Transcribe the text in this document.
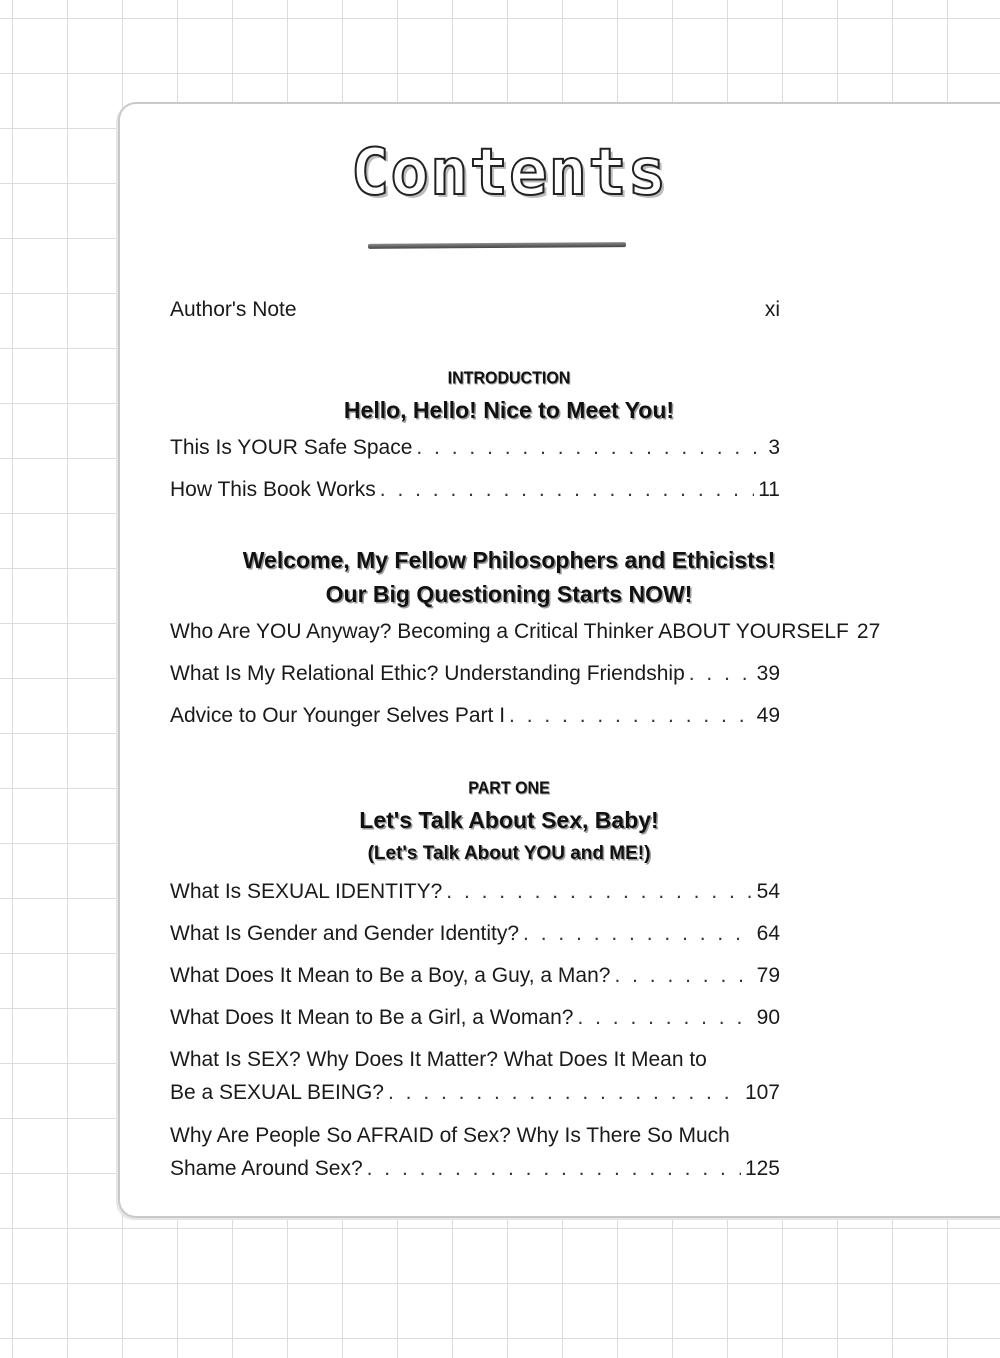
Contents
Author's Note	xi
INTRODUCTION
Hello, Hello! Nice to Meet You!
This Is YOUR Safe Space . . .	3
How This Book Works . . .	11
Welcome, My Fellow Philosophers and Ethicists!
Our Big Questioning Starts NOW!
Who Are YOU Anyway? Becoming a Critical Thinker ABOUT YOURSELF 27
What Is My Relational Ethic? Understanding Friendship . . .	39
Advice to Our Younger Selves Part I . . .	49
PART ONE
Let's Talk About Sex, Baby!
(Let's Talk About YOU and ME!)
What Is SEXUAL IDENTITY? . . .	54
What Is Gender and Gender Identity? . . .	64
What Does It Mean to Be a Boy, a Guy, a Man? . . .	79
What Does It Mean to Be a Girl, a Woman? . . .	90
What Is SEX? Why Does It Matter? What Does It Mean to
Be a SEXUAL BEING? . . .	107
Why Are People So AFRAID of Sex? Why Is There So Much
Shame Around Sex? . . .	125
